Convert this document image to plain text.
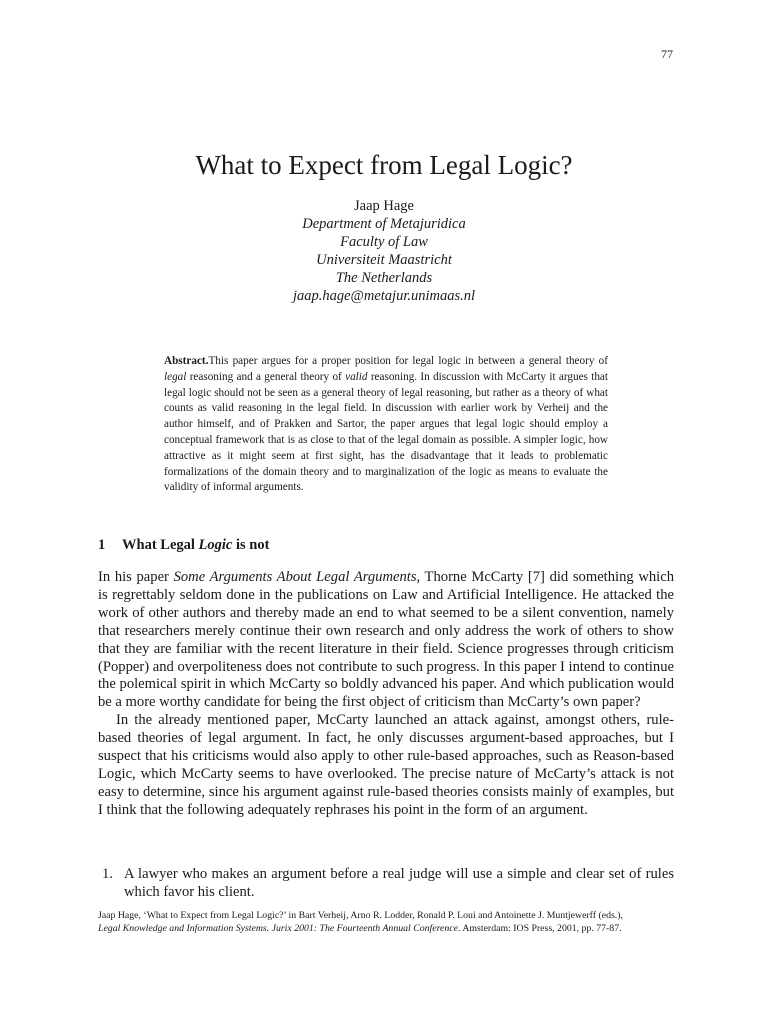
77
What to Expect from Legal Logic?
Jaap Hage
Department of Metajuridica
Faculty of Law
Universiteit Maastricht
The Netherlands
jaap.hage@metajur.unimaas.nl

Abstract.This paper argues for a proper position for legal logic in between a general theory of legal reasoning and a general theory of valid reasoning. In discussion with McCarty it argues that legal logic should not be seen as a general theory of legal reasoning, but rather as a theory of what counts as valid reasoning in the legal field. In discussion with earlier work by Verheij and the author himself, and of Prakken and Sartor, the paper argues that legal logic should employ a conceptual framework that is as close to that of the legal domain as possible. A simpler logic, how attractive as it might seem at first sight, has the disadvantage that it leads to problematic formalizations of the domain theory and to marginalization of the logic as means to evaluate the validity of informal arguments.

1 What Legal Logic is not

In his paper Some Arguments About Legal Arguments, Thorne McCarty [7] did something which is regrettably seldom done in the publications on Law and Artificial Intelligence. He attacked the work of other authors and thereby made an end to what seemed to be a silent convention, namely that researchers merely continue their own research and only address the work of others to show that they are familiar with the recent literature in their field. Science progresses through criticism (Popper) and overpoliteness does not contribute to such progress. In this paper I intend to continue the polemical spirit in which McCarty so boldly advanced his paper. And which publication would be a more worthy candidate for being the first object of criticism than McCarty’s own paper?

In the already mentioned paper, McCarty launched an attack against, amongst others, rule-based theories of legal argument. In fact, he only discusses argument-based approaches, but I suspect that his criticisms would also apply to other rule-based approaches, such as Reason-based Logic, which McCarty seems to have overlooked. The precise nature of McCarty’s attack is not easy to determine, since his argument against rule-based theories consists mainly of examples, but I think that the following adequately rephrases his point in the form of an argument.

1. A lawyer who makes an argument before a real judge will use a simple and clear set of rules which favor his client.
Jaap Hage, ‘What to Expect from Legal Logic?’ in Bart Verheij, Arno R. Lodder, Ronald P. Loui and Antoinette J. Muntjewerff (eds.),
Legal Knowledge and Information Systems. Jurix 2001: The Fourteenth Annual Conference. Amsterdam: IOS Press, 2001, pp. 77-87.
